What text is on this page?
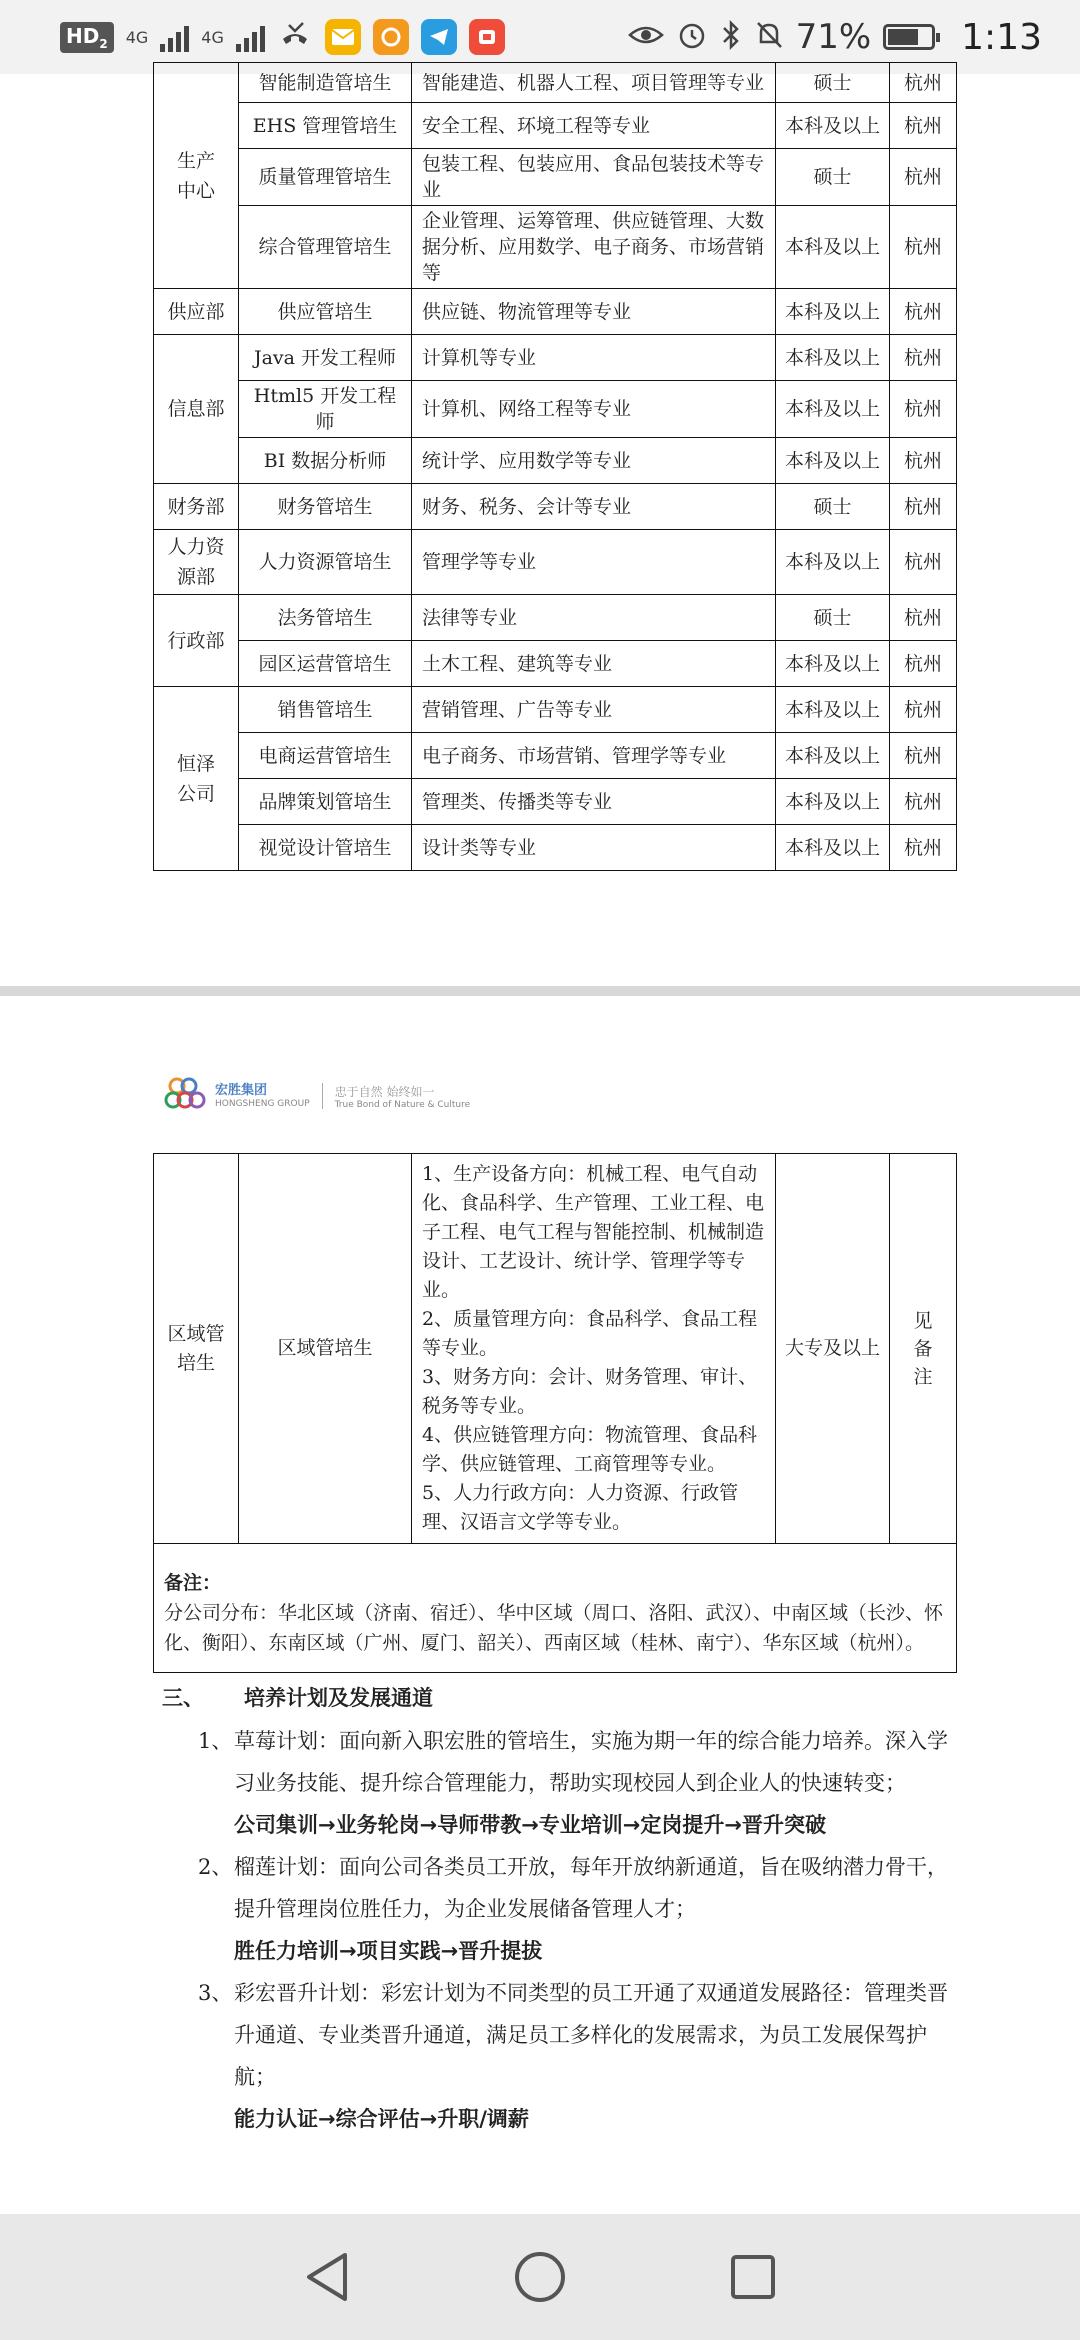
$HD_2$	4G	4G	71%	1:13
生产
中心	智能制造管培生	智能建造、机器人工程、项目管理等专业	硕士	杭州
	EHS 管理管培生	安全工程、环境工程等专业	本科及以上	杭州
	质量管理管培生	包装工程、包装应用、食品包装技术等专业	硕士	杭州
	综合管理管培生	企业管理、运筹管理、供应链管理、大数据分析、应用数学、电子商务、市场营销等	本科及以上	杭州
供应部	供应管培生	供应链、物流管理等专业	本科及以上	杭州
信息部	Java 开发工程师	计算机等专业	本科及以上	杭州
	Html5 开发工程师	计算机、网络工程等专业	本科及以上	杭州
	BI 数据分析师	统计学、应用数学等专业	本科及以上	杭州
财务部	财务管培生	财务、税务、会计等专业	硕士	杭州
人力资
源部	人力资源管培生	管理学等专业	本科及以上	杭州
行政部	法务管培生	法律等专业	硕士	杭州
	园区运营管培生	土木工程、建筑等专业	本科及以上	杭州
恒泽
公司	销售管培生	营销管理、广告等专业	本科及以上	杭州
	电商运营管培生	电子商务、市场营销、管理学等专业	本科及以上	杭州
	品牌策划管培生	管理类、传播类等专业	本科及以上	杭州
	视觉设计管培生	设计类等专业	本科及以上	杭州
宏胜集团
HONGSHENG GROUP
忠于自然 始终如一
True Bond of Nature & Culture
区域管
培生	区域管培生	1、生产设备方向：机械工程、电气自动化、食品科学、生产管理、工业工程、电子工程、电气工程与智能控制、机械制造设计、工艺设计、统计学、管理学等专业。
2、质量管理方向：食品科学、食品工程等专业。
3、财务方向：会计、财务管理、审计、税务等专业。
4、供应链管理方向：物流管理、食品科学、供应链管理、工商管理等专业。
5、人力行政方向：人力资源、行政管理、汉语言文学等专业。	大专及以上	见
备
注

备注：
分公司分布：华北区域（济南、宿迁）、华中区域（周口、洛阳、武汉）、中南区域（长沙、怀化、衡阳）、东南区域（广州、厦门、韶关）、西南区域（桂林、南宁）、华东区域（杭州）。
三、 培养计划及发展通道
1、 草莓计划：面向新入职宏胜的管培生，实施为期一年的综合能力培养。深入学习业务技能、提升综合管理能力，帮助实现校园人到企业人的快速转变；
公司集训→业务轮岗→导师带教→专业培训→定岗提升→晋升突破
2、 榴莲计划：面向公司各类员工开放，每年开放纳新通道，旨在吸纳潜力骨干，提升管理岗位胜任力，为企业发展储备管理人才；
胜任力培训→项目实践→晋升提拔
3、 彩宏晋升计划：彩宏计划为不同类型的员工开通了双通道发展路径：管理类晋升通道、专业类晋升通道，满足员工多样化的发展需求，为员工发展保驾护航；
能力认证→综合评估→升职/调薪
